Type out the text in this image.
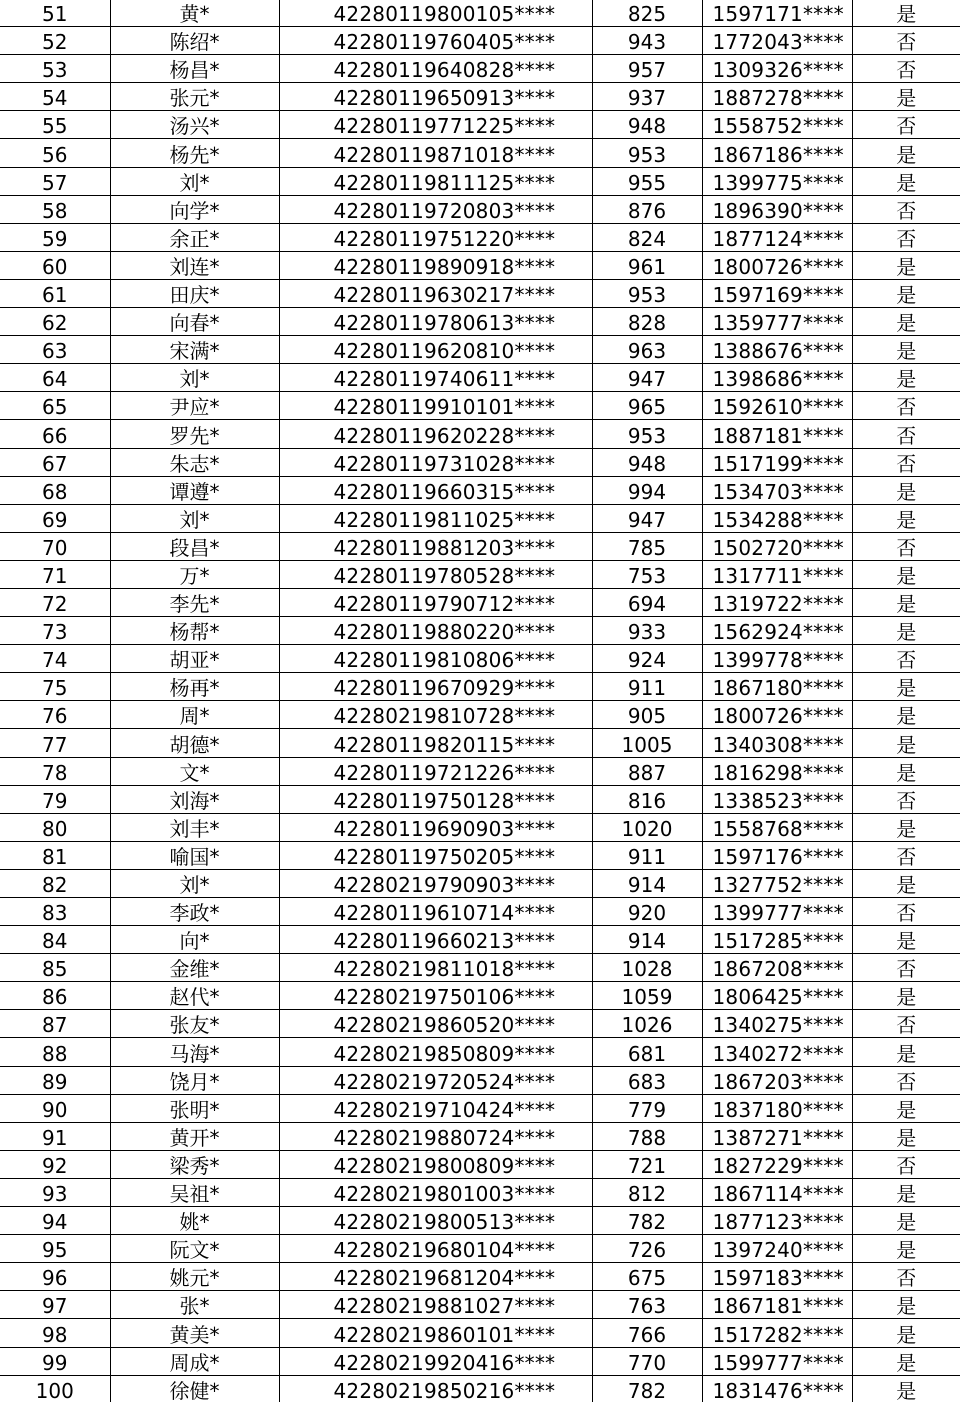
51	黄*	42280119800105****	825	1597171****	是
52	陈绍*	42280119760405****	943	1772043****	否
53	杨昌*	42280119640828****	957	1309326****	否
54	张元*	42280119650913****	937	1887278****	是
55	汤兴*	42280119771225****	948	1558752****	否
56	杨先*	42280119871018****	953	1867186****	是
57	刘*	42280119811125****	955	1399775****	是
58	向学*	42280119720803****	876	1896390****	否
59	余正*	42280119751220****	824	1877124****	否
60	刘连*	42280119890918****	961	1800726****	是
61	田庆*	42280119630217****	953	1597169****	是
62	向春*	42280119780613****	828	1359777****	是
63	宋满*	42280119620810****	963	1388676****	是
64	刘*	42280119740611****	947	1398686****	是
65	尹应*	42280119910101****	965	1592610****	否
66	罗先*	42280119620228****	953	1887181****	否
67	朱志*	42280119731028****	948	1517199****	否
68	谭遵*	42280119660315****	994	1534703****	是
69	刘*	42280119811025****	947	1534288****	是
70	段昌*	42280119881203****	785	1502720****	否
71	万*	42280119780528****	753	1317711****	是
72	李先*	42280119790712****	694	1319722****	是
73	杨帮*	42280119880220****	933	1562924****	是
74	胡亚*	42280119810806****	924	1399778****	否
75	杨再*	42280119670929****	911	1867180****	是
76	周*	42280219810728****	905	1800726****	是
77	胡德*	42280119820115****	1005	1340308****	是
78	文*	42280119721226****	887	1816298****	是
79	刘海*	42280119750128****	816	1338523****	否
80	刘丰*	42280119690903****	1020	1558768****	是
81	喻国*	42280119750205****	911	1597176****	否
82	刘*	42280219790903****	914	1327752****	是
83	李政*	42280119610714****	920	1399777****	否
84	向*	42280119660213****	914	1517285****	是
85	金维*	42280219811018****	1028	1867208****	否
86	赵代*	42280219750106****	1059	1806425****	是
87	张友*	42280219860520****	1026	1340275****	否
88	马海*	42280219850809****	681	1340272****	是
89	饶月*	42280219720524****	683	1867203****	否
90	张明*	42280219710424****	779	1837180****	是
91	黄开*	42280219880724****	788	1387271****	是
92	梁秀*	42280219800809****	721	1827229****	否
93	吴祖*	42280219801003****	812	1867114****	是
94	姚*	42280219800513****	782	1877123****	是
95	阮文*	42280219680104****	726	1397240****	是
96	姚元*	42280219681204****	675	1597183****	否
97	张*	42280219881027****	763	1867181****	是
98	黄美*	42280219860101****	766	1517282****	是
99	周成*	42280219920416****	770	1599777****	是
100	徐健*	42280219850216****	782	1831476****	是
